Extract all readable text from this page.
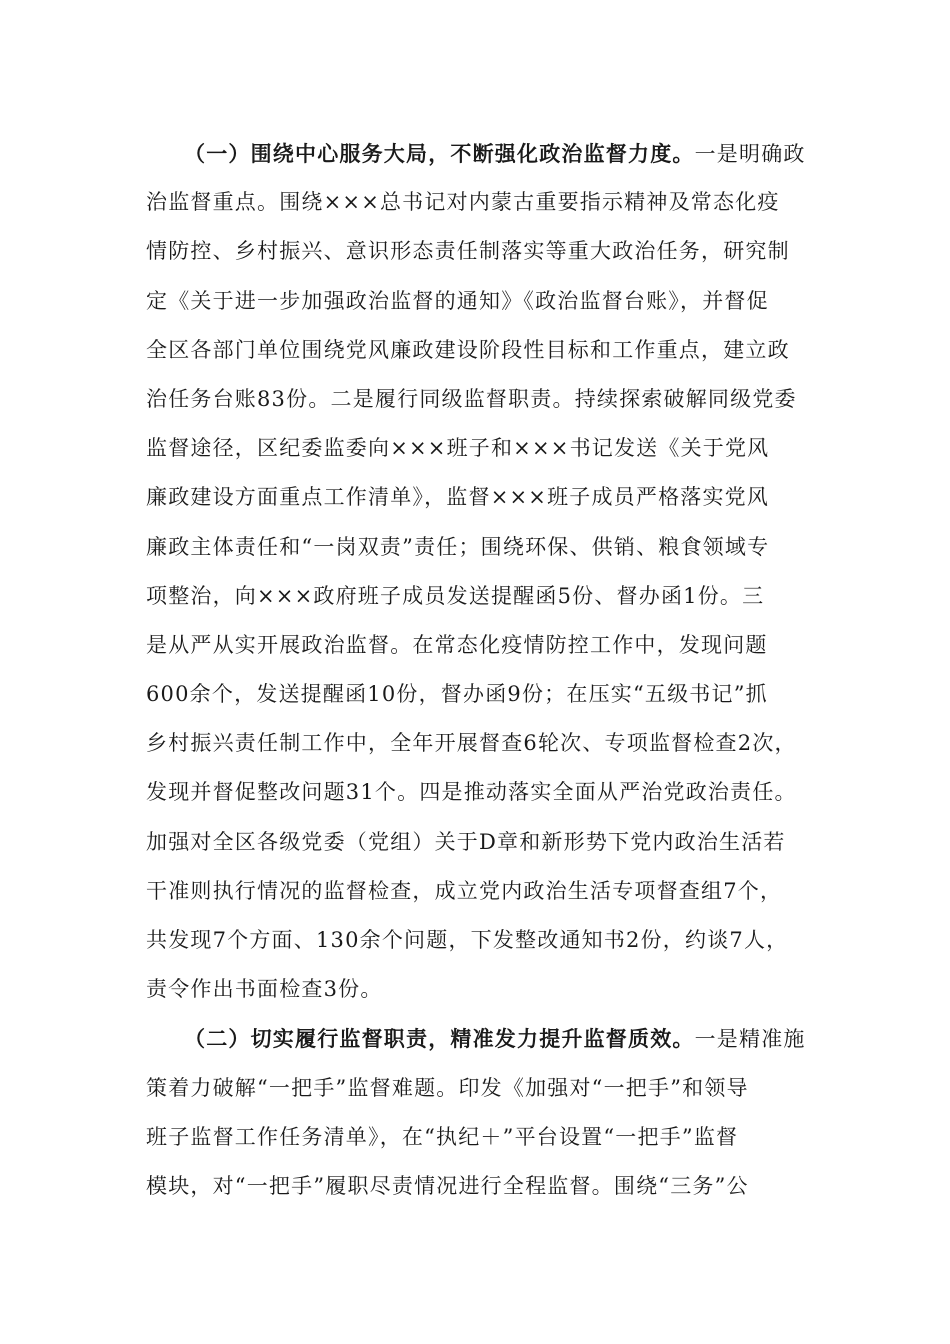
（一）围绕中心服务大局，不断强化政治监督力度。一是明确政
治监督重点。围绕×××总书记对内蒙古重要指示精神及常态化疫
情防控、乡村振兴、意识形态责任制落实等重大政治任务，研究制
定《关于进一步加强政治监督的通知》《政治监督台账》，并督促
全区各部门单位围绕党风廉政建设阶段性目标和工作重点，建立政
治任务台账83份。二是履行同级监督职责。持续探索破解同级党委
监督途径，区纪委监委向×××班子和×××书记发送《关于党风
廉政建设方面重点工作清单》，监督×××班子成员严格落实党风
廉政主体责任和“一岗双责”责任；围绕环保、供销、粮食领域专
项整治，向×××政府班子成员发送提醒函5份、督办函1份。三
是从严从实开展政治监督。在常态化疫情防控工作中，发现问题
600余个，发送提醒函10份，督办函9份；在压实“五级书记”抓
乡村振兴责任制工作中，全年开展督查6轮次、专项监督检查2次，
发现并督促整改问题31个。四是推动落实全面从严治党政治责任。
加强对全区各级党委（党组）关于D章和新形势下党内政治生活若
干准则执行情况的监督检查，成立党内政治生活专项督查组7个，
共发现7个方面、130余个问题，下发整改通知书2份，约谈7人，
责令作出书面检查3份。
（二）切实履行监督职责，精准发力提升监督质效。一是精准施
策着力破解“一把手”监督难题。印发《加强对“一把手”和领导
班子监督工作任务清单》，在“执纪＋”平台设置“一把手”监督
模块，对“一把手”履职尽责情况进行全程监督。围绕“三务”公
